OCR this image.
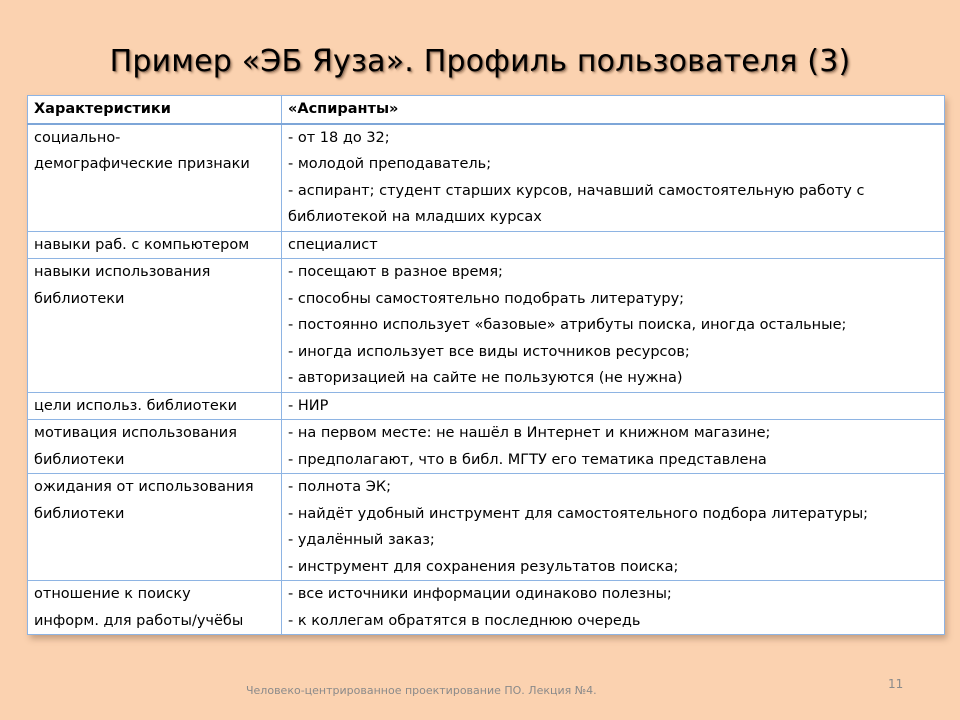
Пример «ЭБ Яуза». Профиль пользователя (3)
Характеристики	«Аспиранты»

социально-
демографические признаки	- от 18 до 32;
- молодой преподаватель;
- аспирант; студент старших курсов, начавший самостоятельную работу с
библиотекой на младших курсах

навыки раб. с компьютером	специалист

навыки использования
библиотеки	- посещают в разное время;
- способны самостоятельно подобрать литературу;
- постоянно использует «базовые» атрибуты поиска, иногда остальные;
- иногда использует все виды источников ресурсов;
- авторизацией на сайте не пользуются (не нужна)

цели использ. библиотеки	- НИР

мотивация использования
библиотеки	- на первом месте: не нашёл в Интернет и книжном магазине;
- предполагают, что в библ. МГТУ его тематика представлена

ожидания от использования
библиотеки	- полнота ЭК;
- найдёт удобный инструмент для самостоятельного подбора литературы;
- удалённый заказ;
- инструмент для сохранения результатов поиска;

отношение к поиску
информ. для работы/учёбы	- все источники информации одинаково полезны;
- к коллегам обратятся в последнюю очередь

Человеко-центрированное проектирование ПО. Лекция №4.	11
